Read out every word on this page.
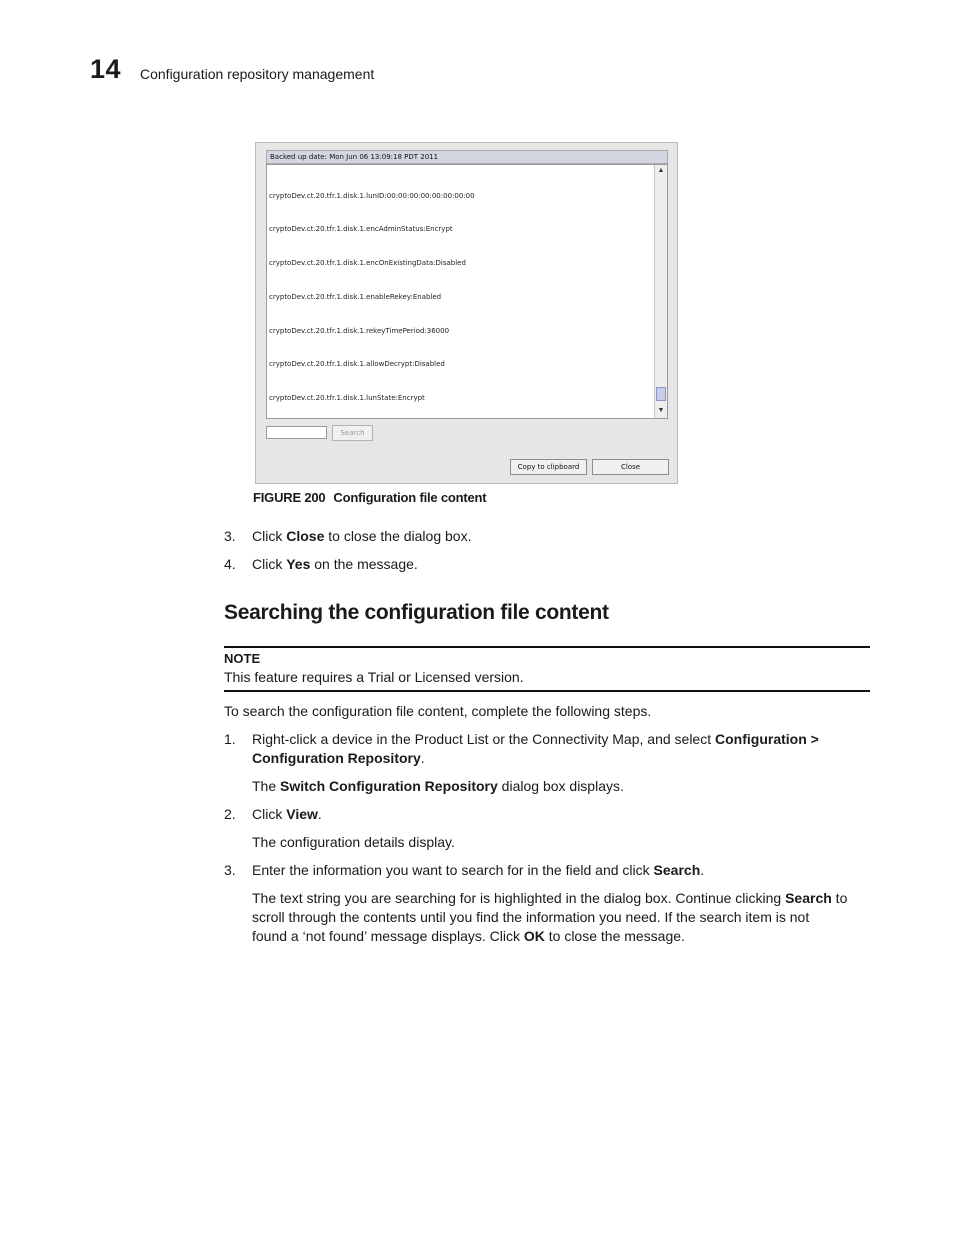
14 Configuration repository management
Backed up date: Mon Jun 06 13:09:18 PDT 2011

cryptoDev.ct.20.tfr.1.disk.1.lunID:00:00:00:00:00:00:00:00

cryptoDev.ct.20.tfr.1.disk.1.encAdminStatus:Encrypt

cryptoDev.ct.20.tfr.1.disk.1.encOnExistingData:Disabled

cryptoDev.ct.20.tfr.1.disk.1.enableRekey:Enabled

cryptoDev.ct.20.tfr.1.disk.1.rekeyTimePeriod:36000

cryptoDev.ct.20.tfr.1.disk.1.allowDecrypt:Disabled

cryptoDev.ct.20.tfr.1.disk.1.lunState:Encrypt

▲
▼
Search
Copy to clipboard	Close
FIGURE 200 Configuration file content
3. Click Close to close the dialog box.
4. Click Yes on the message.
Searching the configuration file content
NOTE
This feature requires a Trial or Licensed version.
To search the configuration file content, complete the following steps.
1. Right-click a device in the Product List or the Connectivity Map, and select Configuration >
Configuration Repository.
The Switch Configuration Repository dialog box displays.
2. Click View.
The configuration details display.
3. Enter the information you want to search for in the field and click Search.
The text string you are searching for is highlighted in the dialog box. Continue clicking Search to
scroll through the contents until you find the information you need. If the search item is not
found a ‘not found’ message displays. Click OK to close the message.
